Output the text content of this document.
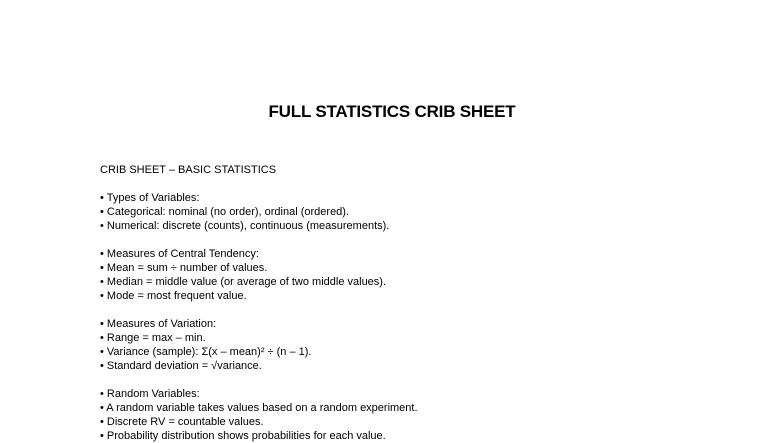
FULL STATISTICS CRIB SHEET
CRIB SHEET – BASIC STATISTICS
• Types of Variables:
• Categorical: nominal (no order), ordinal (ordered).
• Numerical: discrete (counts), continuous (measurements).
• Measures of Central Tendency:
• Mean = sum ÷ number of values.
• Median = middle value (or average of two middle values).
• Mode = most frequent value.
• Measures of Variation:
• Range = max – min.
• Variance (sample): Σ(x – mean)² ÷ (n – 1).
• Standard deviation = √variance.
• Random Variables:
• A random variable takes values based on a random experiment.
• Discrete RV = countable values.
• Probability distribution shows probabilities for each value.
